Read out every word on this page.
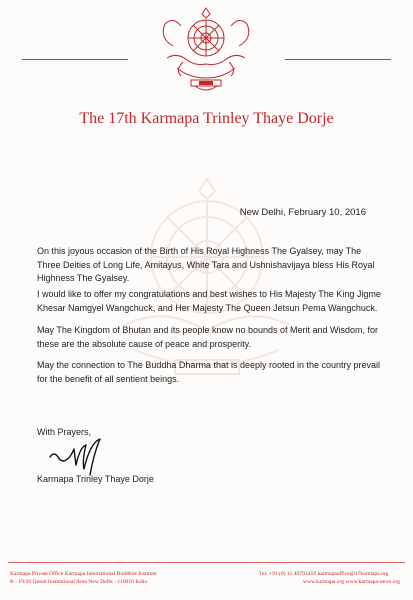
The 17th Karmapa Trinley Thaye Dorje
New Delhi, February 10, 2016

On this joyous occasion of the Birth of His Royal Highness The Gyalsey, may The Three Deities of Long Life, Amitayus, White Tara and Ushnishavijaya bless His Royal Highness The Gyalsey.

I would like to offer my congratulations and best wishes to His Majesty The King Jigme Khesar Namgyel Wangchuck, and Her Majesty The Queen Jetsun Pema Wangchuck.

May The Kingdom of Bhutan and its people know no bounds of Merit and Wisdom, for these are the absolute cause of peace and prosperity.

May the connection to The Buddha Dharma that is deeply rooted in the country prevail for the benefit of all sentient beings.

With Prayers,
Karmapa Trinley Thaye Dorje
Karmapa Private Office Karmapa International Buddhist Institute
B - 19/20 Qutub Institutional Area New Delhi - 110016 India
Tel. +91 (0) 11 40793459 karmapaoffice@17karmapa.org
www.karmapa.org www.karmapa-news.org
